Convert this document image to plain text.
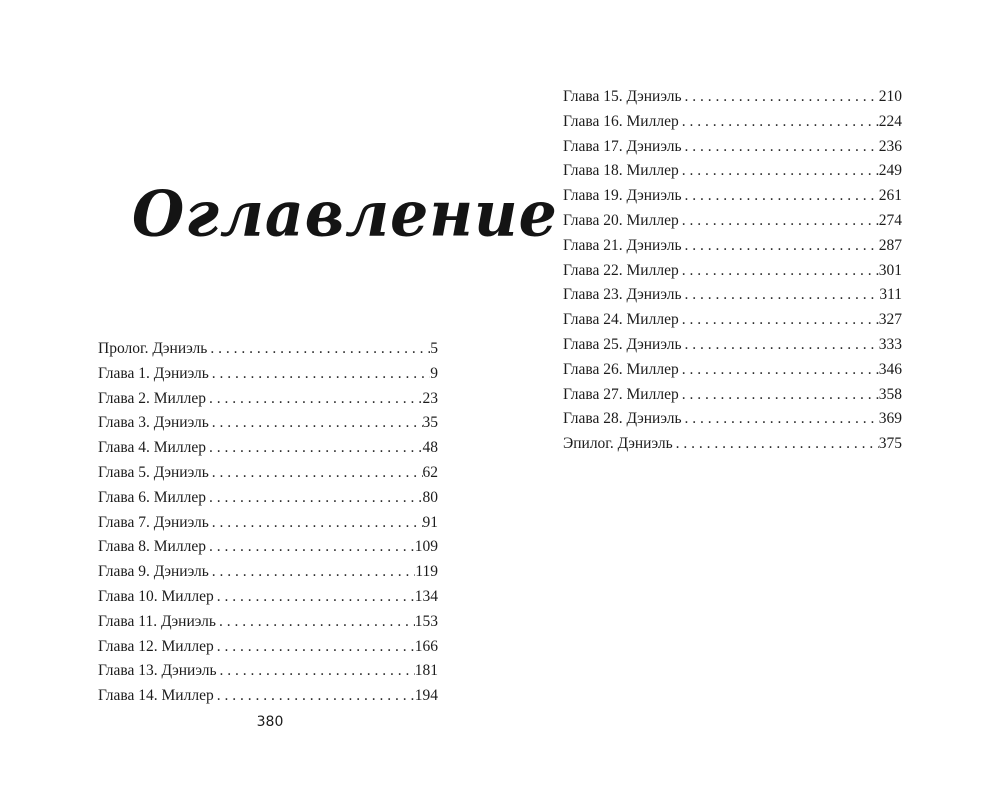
Оглавление
Пролог. Дэниэль . . .	5
Глава 1. Дэниэль . . .	9
Глава 2. Миллер . . .	23
Глава 3. Дэниэль . . .	35
Глава 4. Миллер . . .	48
Глава 5. Дэниэль . . .	62
Глава 6. Миллер . . .	80
Глава 7. Дэниэль . . .	91
Глава 8. Миллер . . .	109
Глава 9. Дэниэль . . .	119
Глава 10. Миллер . . .	134
Глава 11. Дэниэль . . .	153
Глава 12. Миллер . . .	166
Глава 13. Дэниэль . . .	181
Глава 14. Миллер . . .	194
380
Глава 15. Дэниэль . . .	210
Глава 16. Миллер . . .	224
Глава 17. Дэниэль . . .	236
Глава 18. Миллер . . .	249
Глава 19. Дэниэль . . .	261
Глава 20. Миллер . . .	274
Глава 21. Дэниэль . . .	287
Глава 22. Миллер . . .	301
Глава 23. Дэниэль . . .	311
Глава 24. Миллер . . .	327
Глава 25. Дэниэль . . .	333
Глава 26. Миллер . . .	346
Глава 27. Миллер . . .	358
Глава 28. Дэниэль . . .	369
Эпилог. Дэниэль . . .	375
